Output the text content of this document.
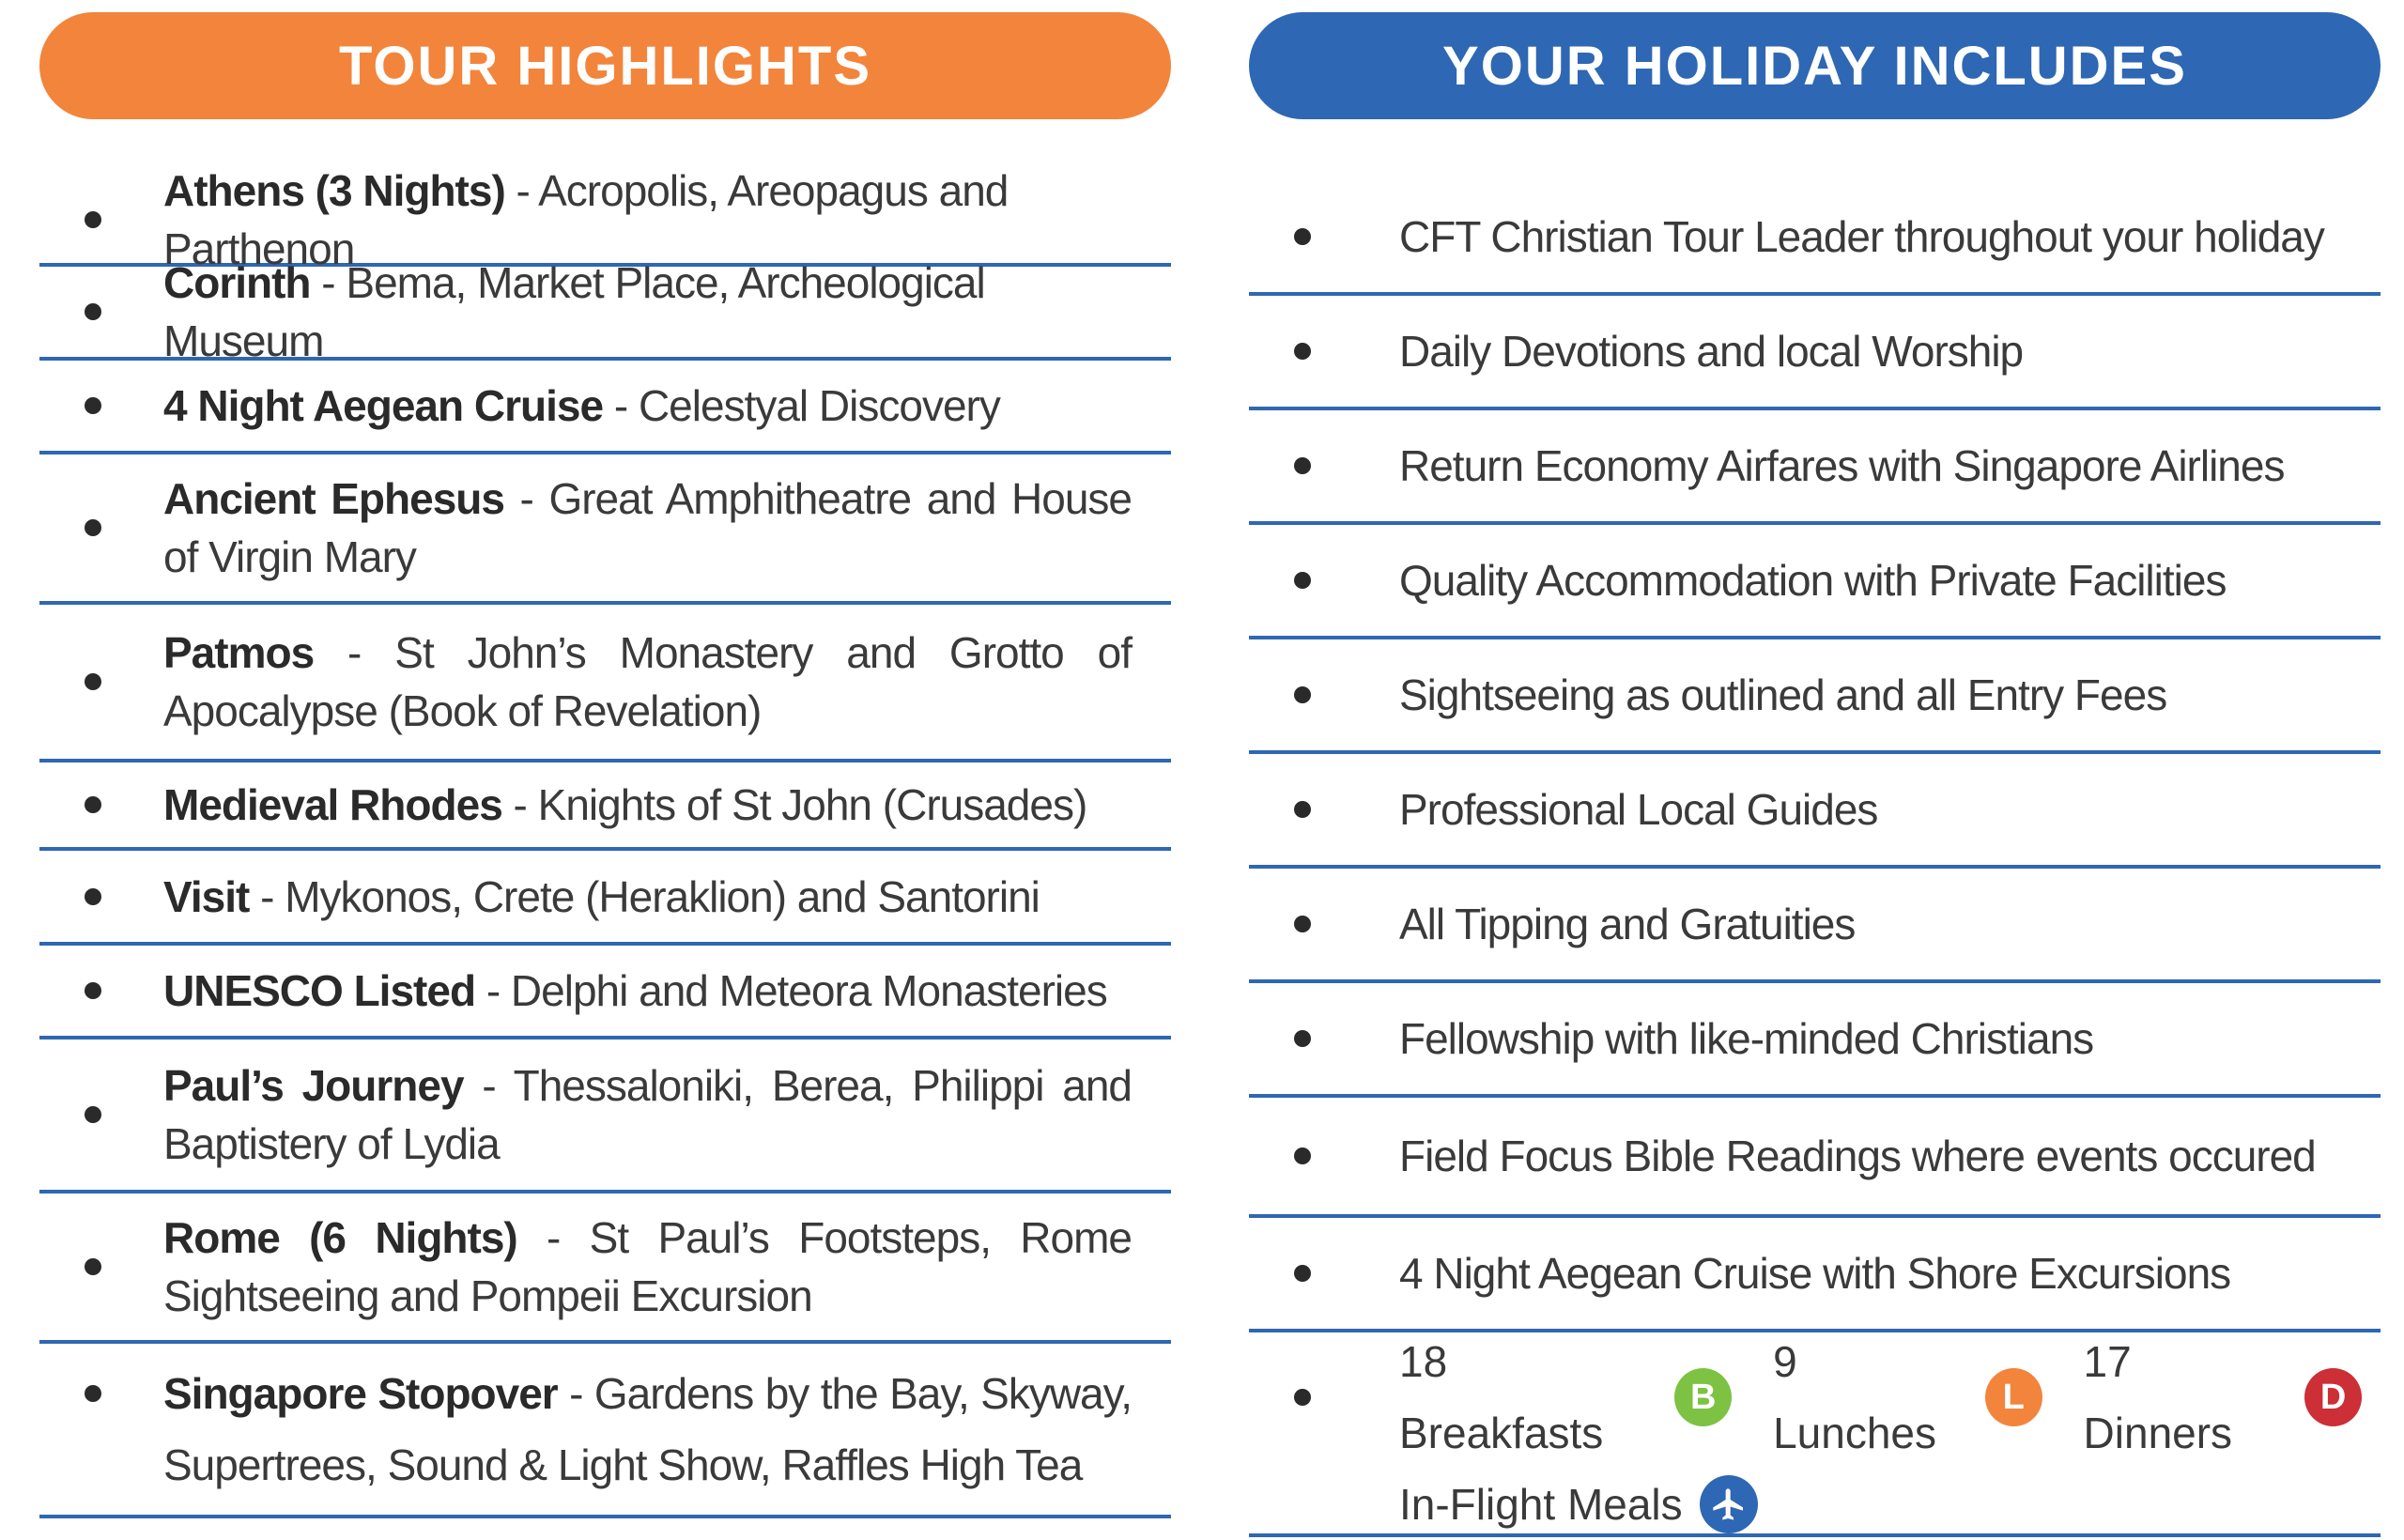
TOUR HIGHLIGHTS
Athens (3 Nights) - Acropolis, Areopagus and Parthenon
Corinth - Bema, Market Place, Archeological Museum
4 Night Aegean Cruise - Celestyal Discovery
Ancient Ephesus - Great Amphitheatre and House of Virgin Mary
Patmos - St John’s Monastery and Grotto of Apocalypse (Book of Revelation)
Medieval Rhodes - Knights of St John (Crusades)
Visit - Mykonos, Crete (Heraklion) and Santorini
UNESCO Listed - Delphi and Meteora Monasteries
Paul’s Journey - Thessaloniki, Berea, Philippi and Baptistery of Lydia
Rome (6 Nights) - St Paul’s Footsteps, Rome Sightseeing and Pompeii Excursion
Singapore Stopover - Gardens by the Bay, Skyway, Supertrees, Sound & Light Show, Raffles High Tea
YOUR HOLIDAY INCLUDES
CFT Christian Tour Leader throughout your holiday
Daily Devotions and local Worship
Return Economy Airfares with Singapore Airlines
Quality Accommodation with Private Facilities
Sightseeing as outlined and all Entry Fees
Professional Local Guides
All Tipping and Gratuities
Fellowship with like-minded Christians
Field Focus Bible Readings where events occured
4 Night Aegean Cruise with Shore Excursions
18 Breakfasts
B
9 Lunches
L
17 Dinners
D
In-Flight Meals
